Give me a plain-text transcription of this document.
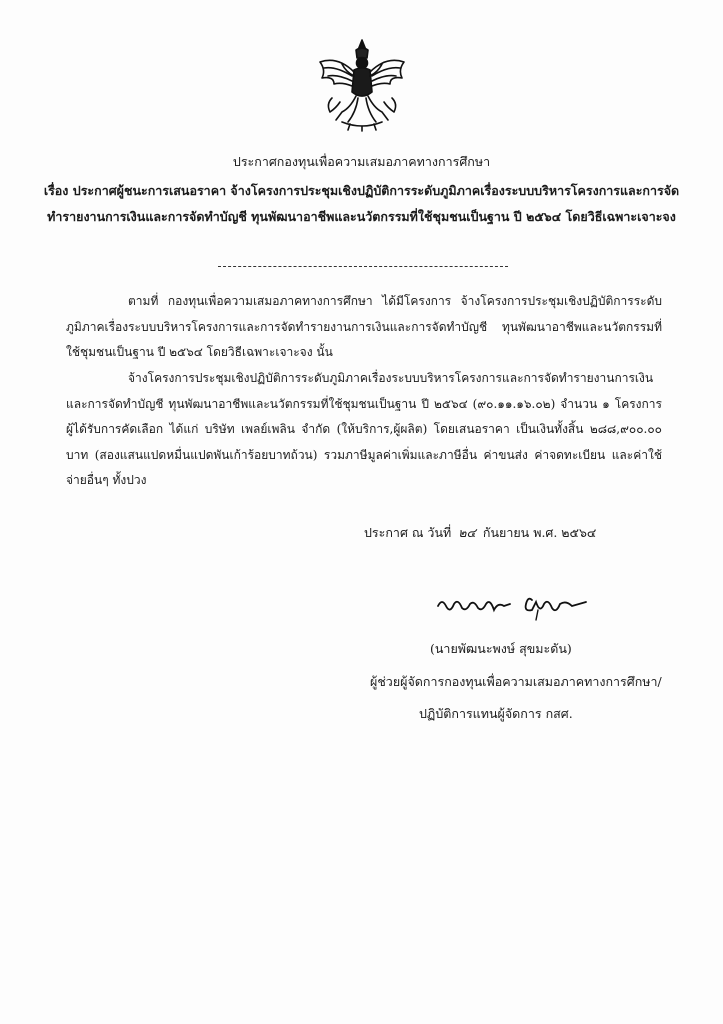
ประกาศกองทุนเพื่อความเสมอภาคทางการศึกษา
เรื่อง ประกาศผู้ชนะการเสนอราคา จ้างโครงการประชุมเชิงปฏิบัติการระดับภูมิภาคเรื่องระบบบริหารโครงการและการจัดทำรายงานการเงินและการจัดทำบัญชี ทุนพัฒนาอาชีพและนวัตกรรมที่ใช้ชุมชนเป็นฐาน ปี ๒๕๖๔ โดยวิธีเฉพาะเจาะจง
ตามที่ กองทุนเพื่อความเสมอภาคทางการศึกษา ได้มีโครงการ จ้างโครงการประชุมเชิงปฏิบัติการระดับภูมิภาคเรื่องระบบบริหารโครงการและการจัดทำรายงานการเงินและการจัดทำบัญชี ทุนพัฒนาอาชีพและนวัตกรรมที่ใช้ชุมชนเป็นฐาน ปี ๒๕๖๔ โดยวิธีเฉพาะเจาะจง นั้น
จ้างโครงการประชุมเชิงปฏิบัติการระดับภูมิภาคเรื่องระบบบริหารโครงการและการจัดทำรายงานการเงินและการจัดทำบัญชี ทุนพัฒนาอาชีพและนวัตกรรมที่ใช้ชุมชนเป็นฐาน ปี ๒๕๖๔ (๙๐.๑๑.๑๖.๐๒) จำนวน ๑ โครงการ ผู้ได้รับการคัดเลือก ได้แก่ บริษัท เพลย์เพลิน จำกัด (ให้บริการ,ผู้ผลิต) โดยเสนอราคา เป็นเงินทั้งสิ้น ๒๘๘,๙๐๐.๐๐ บาท (สองแสนแปดหมื่นแปดพันเก้าร้อยบาทถ้วน) รวมภาษีมูลค่าเพิ่มและภาษีอื่น ค่าขนส่ง ค่าจดทะเบียน และค่าใช้จ่ายอื่นๆ ทั้งปวง
ประกาศ ณ วันที่ ๒๔ กันยายน พ.ศ. ๒๕๖๔
(นายพัฒนะพงษ์ สุขมะดัน)
ผู้ช่วยผู้จัดการกองทุนเพื่อความเสมอภาคทางการศึกษา/
ปฏิบัติการแทนผู้จัดการ กสศ.
